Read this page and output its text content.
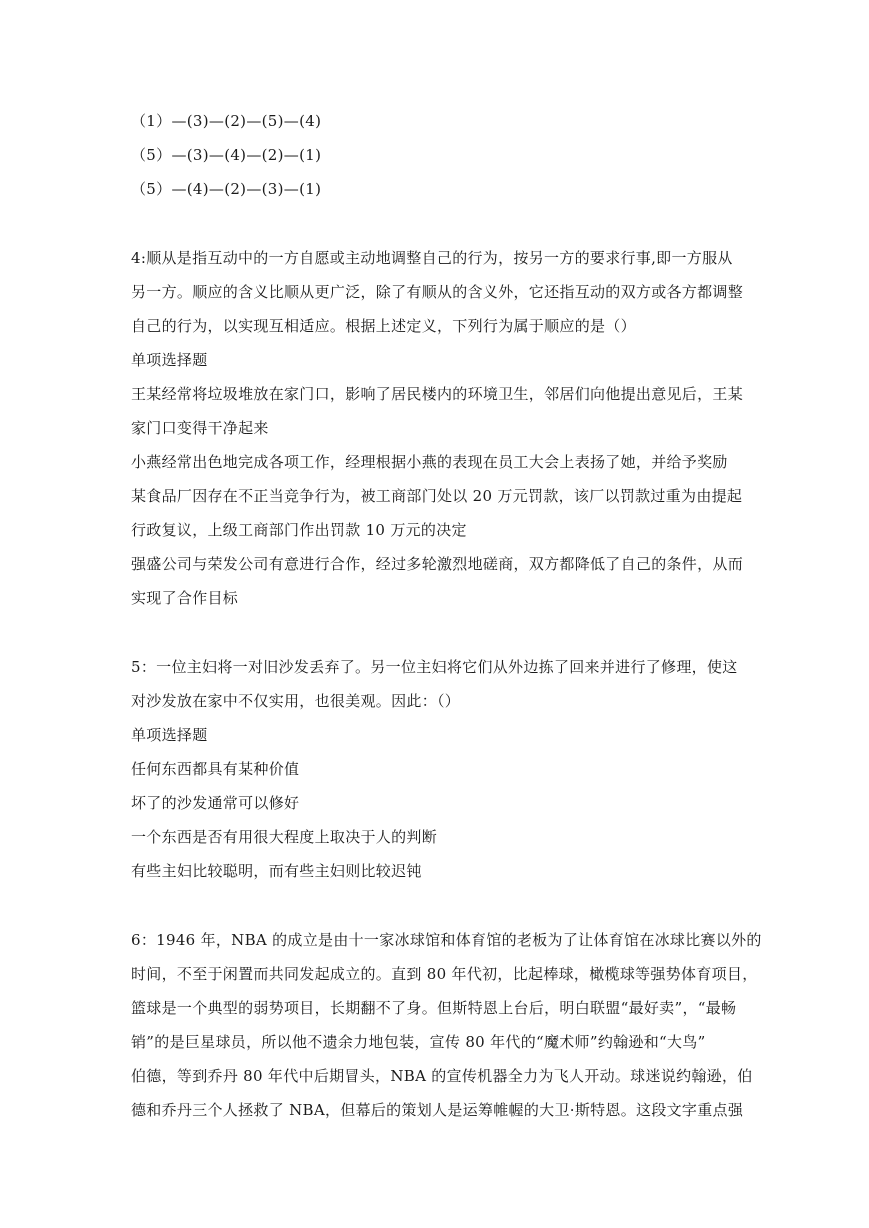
（1）—(3)—(2)—(5)—(4)
（5）—(3)—(4)—(2)—(1)
（5）—(4)—(2)—(3)—(1)
4:顺从是指互动中的一方自愿或主动地调整自己的行为，按另一方的要求行事,即一方服从
另一方。顺应的含义比顺从更广泛，除了有顺从的含义外，它还指互动的双方或各方都调整
自己的行为，以实现互相适应。根据上述定义，下列行为属于顺应的是（）
单项选择题
王某经常将垃圾堆放在家门口，影响了居民楼内的环境卫生，邻居们向他提出意见后，王某
家门口变得干净起来
小燕经常出色地完成各项工作，经理根据小燕的表现在员工大会上表扬了她，并给予奖励
某食品厂因存在不正当竞争行为，被工商部门处以 20 万元罚款，该厂以罚款过重为由提起
行政复议，上级工商部门作出罚款 10 万元的决定
强盛公司与荣发公司有意进行合作，经过多轮激烈地磋商，双方都降低了自己的条件，从而
实现了合作目标
5：一位主妇将一对旧沙发丢弃了。另一位主妇将它们从外边拣了回来并进行了修理，使这
对沙发放在家中不仅实用，也很美观。因此：（）
单项选择题
任何东西都具有某种价值
坏了的沙发通常可以修好
一个东西是否有用很大程度上取决于人的判断
有些主妇比较聪明，而有些主妇则比较迟钝
6：1946 年，NBA 的成立是由十一家冰球馆和体育馆的老板为了让体育馆在冰球比赛以外的
时间，不至于闲置而共同发起成立的。直到 80 年代初，比起棒球，橄榄球等强势体育项目，
篮球是一个典型的弱势项目，长期翻不了身。但斯特恩上台后，明白联盟“最好卖”，“最畅
销”的是巨星球员，所以他不遗余力地包装，宣传 80 年代的“魔术师”约翰逊和“大鸟”
伯德，等到乔丹 80 年代中后期冒头，NBA 的宣传机器全力为飞人开动。球迷说约翰逊，伯
德和乔丹三个人拯救了 NBA，但幕后的策划人是运筹帷幄的大卫·斯特恩。这段文字重点强
